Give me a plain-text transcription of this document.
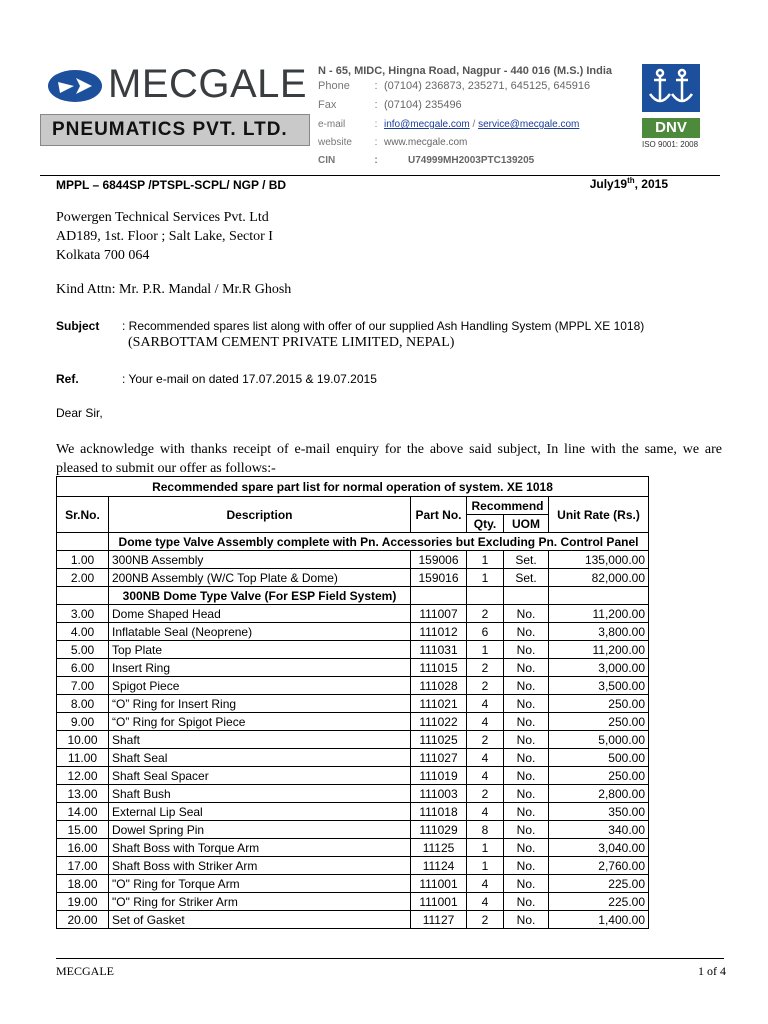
MECGALE
PNEUMATICS PVT. LTD.
N - 65, MIDC, Hingna Road, Nagpur - 440 016 (M.S.) India
Phone : (07104) 236873, 235271, 645125, 645916
Fax	: (07104) 235496
e-mail	: info@mecgale.com / service@mecgale.com
website : www.mecgale.com
CIN	:	U74999MH2003PTC139205
DNV
ISO 9001: 2008
MPPL – 6844SP /PTSPL-SCPL/ NGP / BD	July19th, 2015
Powergen Technical Services Pvt. Ltd
AD189, 1st. Floor ; Salt Lake, Sector I
Kolkata 700 064
Kind Attn: Mr. P.R. Mandal / Mr.R Ghosh
Subject : Recommended spares list along with offer of our supplied Ash Handling System (MPPL XE 1018)
(SARBOTTAM CEMENT PRIVATE LIMITED, NEPAL)
Ref.	: Your e-mail on dated 17.07.2015 & 19.07.2015
Dear Sir,
We acknowledge with thanks receipt of e-mail enquiry for the above said subject, In line with the same, we are pleased to submit our offer as follows:-
Recommended spare part list for normal operation of system. XE 1018					
Sr.No.	Description	Part No.	Recommend		Unit Rate (Rs.)
			Qty.	UOM	
	Dome type Valve Assembly complete with Pn. Accessories but Excluding Pn. Control Panel				
1.00	300NB Assembly	159006	1	Set.	135,000.00
2.00	200NB Assembly (W/C Top Plate & Dome)	159016	1	Set.	82,000.00
	300NB Dome Type Valve (For ESP Field System)				
3.00	Dome Shaped Head	111007	2	No.	11,200.00
4.00	Inflatable Seal (Neoprene)	111012	6	No.	3,800.00
5.00	Top Plate	111031	1	No.	11,200.00
6.00	Insert Ring	111015	2	No.	3,000.00
7.00	Spigot Piece	111028	2	No.	3,500.00
8.00	“O” Ring for Insert Ring	111021	4	No.	250.00
9.00	“O” Ring for Spigot Piece	111022	4	No.	250.00
10.00	Shaft	111025	2	No.	5,000.00
11.00	Shaft Seal	111027	4	No.	500.00
12.00	Shaft Seal Spacer	111019	4	No.	250.00
13.00	Shaft Bush	111003	2	No.	2,800.00
14.00	External Lip Seal	111018	4	No.	350.00
15.00	Dowel Spring Pin	111029	8	No.	340.00
16.00	Shaft Boss with Torque Arm	11125	1	No.	3,040.00
17.00	Shaft Boss with Striker Arm	11124	1	No.	2,760.00
18.00	"O" Ring for Torque Arm	111001	4	No.	225.00
19.00	"O" Ring for Striker Arm	111001	4	No.	225.00
20.00	Set of Gasket	11127	2	No.	1,400.00
MECGALE	1 of 4
